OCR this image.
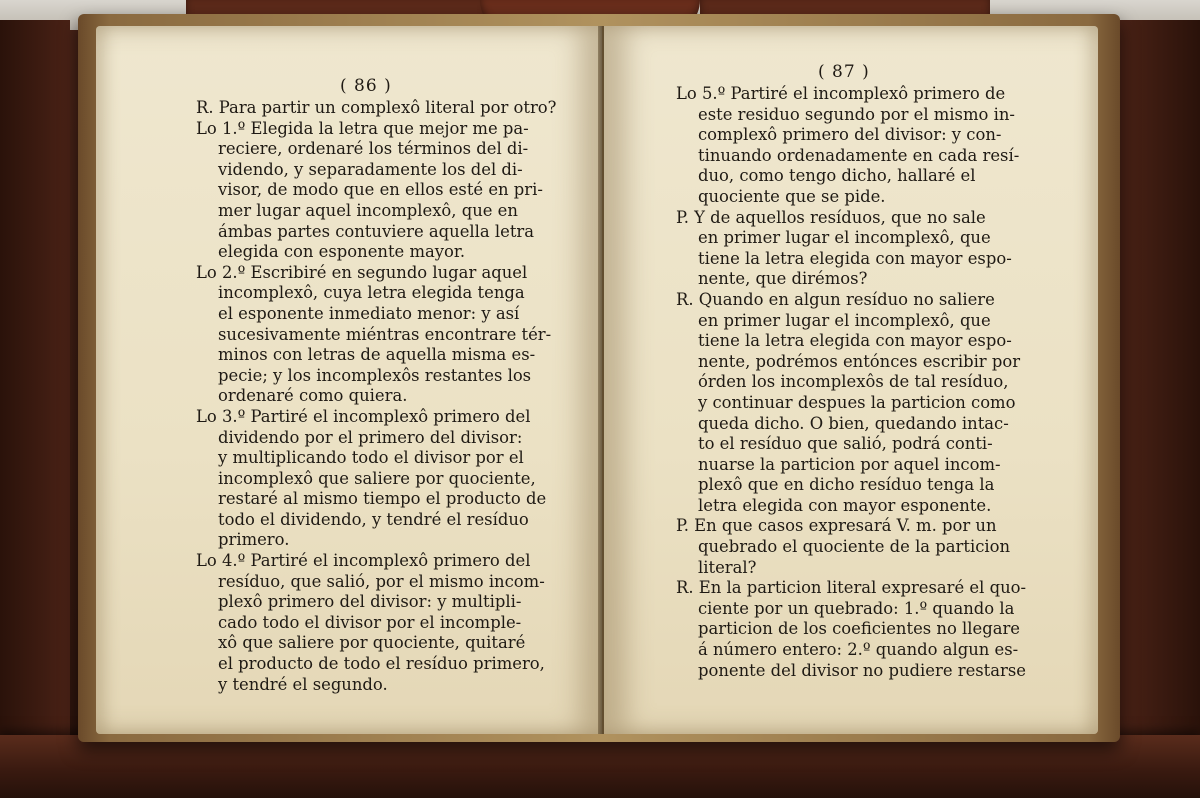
( 86 )
R. Para partir un complexô literal por otro?
Lo 1.º Elegida la letra que mejor me pa-
reciere, ordenaré los términos del di-
videndo, y separadamente los del di-
visor, de modo que en ellos esté en pri-
mer lugar aquel incomplexô, que en
ámbas partes contuviere aquella letra
elegida con esponente mayor.
Lo 2.º Escribiré en segundo lugar aquel
incomplexô, cuya letra elegida tenga
el esponente inmediato menor: y así
sucesivamente miéntras encontrare tér-
minos con letras de aquella misma es-
pecie; y los incomplexôs restantes los
ordenaré como quiera.
Lo 3.º Partiré el incomplexô primero del
dividendo por el primero del divisor:
y multiplicando todo el divisor por el
incomplexô que saliere por quociente,
restaré al mismo tiempo el producto de
todo el dividendo, y tendré el resíduo
primero.
Lo 4.º Partiré el incomplexô primero del
resíduo, que salió, por el mismo incom-
plexô primero del divisor: y multipli-
cado todo el divisor por el incomple-
xô que saliere por quociente, quitaré
el producto de todo el resíduo primero,
y tendré el segundo.
( 87 )
Lo 5.º Partiré el incomplexô primero de
este residuo segundo por el mismo in-
complexô primero del divisor: y con-
tinuando ordenadamente en cada resí-
duo, como tengo dicho, hallaré el
quociente que se pide.
P. Y de aquellos resíduos, que no sale
en primer lugar el incomplexô, que
tiene la letra elegida con mayor espo-
nente, que dirémos?
R. Quando en algun resíduo no saliere
en primer lugar el incomplexô, que
tiene la letra elegida con mayor espo-
nente, podrémos entónces escribir por
órden los incomplexôs de tal resíduo,
y continuar despues la particion como
queda dicho. O bien, quedando intac-
to el resíduo que salió, podrá conti-
nuarse la particion por aquel incom-
plexô que en dicho resíduo tenga la
letra elegida con mayor esponente.
P. En que casos expresará V. m. por un
quebrado el quociente de la particion
literal?
R. En la particion literal expresaré el quo-
ciente por un quebrado: 1.º quando la
particion de los coeficientes no llegare
á número entero: 2.º quando algun es-
ponente del divisor no pudiere restarse
